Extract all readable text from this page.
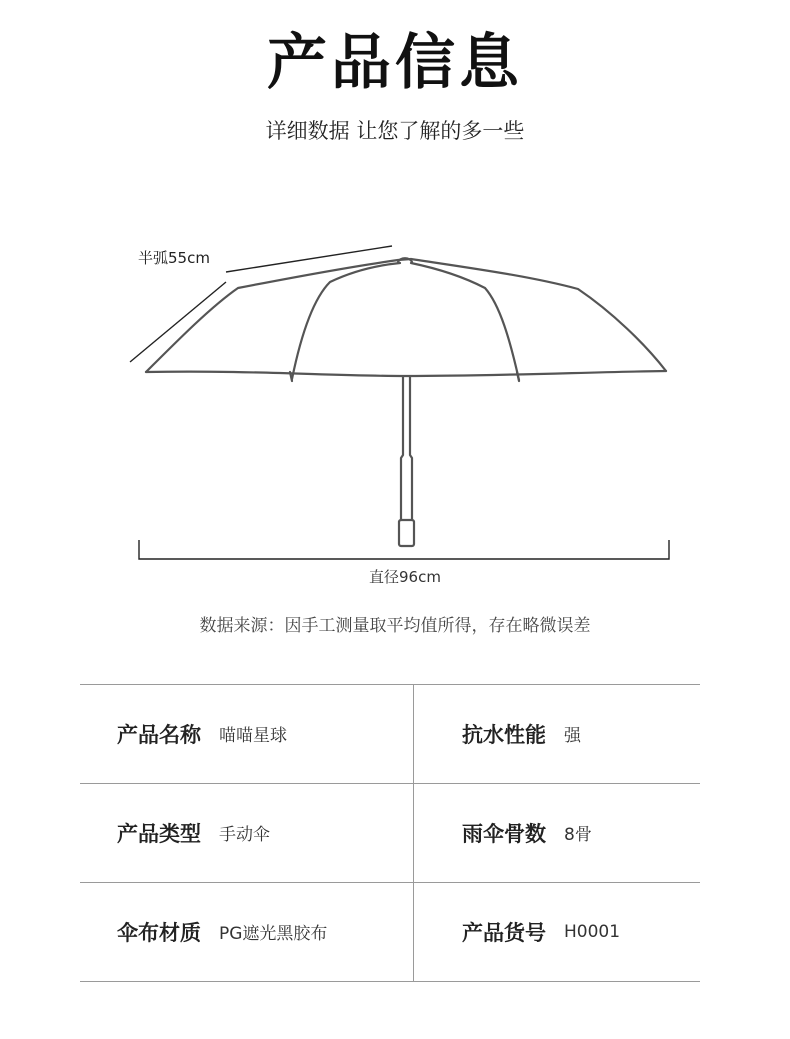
产品信息
详细数据 让您了解的多一些
半弧55cm
直径96cm
数据来源：因手工测量取平均值所得，存在略微误差
产品名称 喵喵星球	抗水性能 强
产品类型 手动伞	雨伞骨数 8骨
伞布材质 PG遮光黑胶布	产品货号 H0001
